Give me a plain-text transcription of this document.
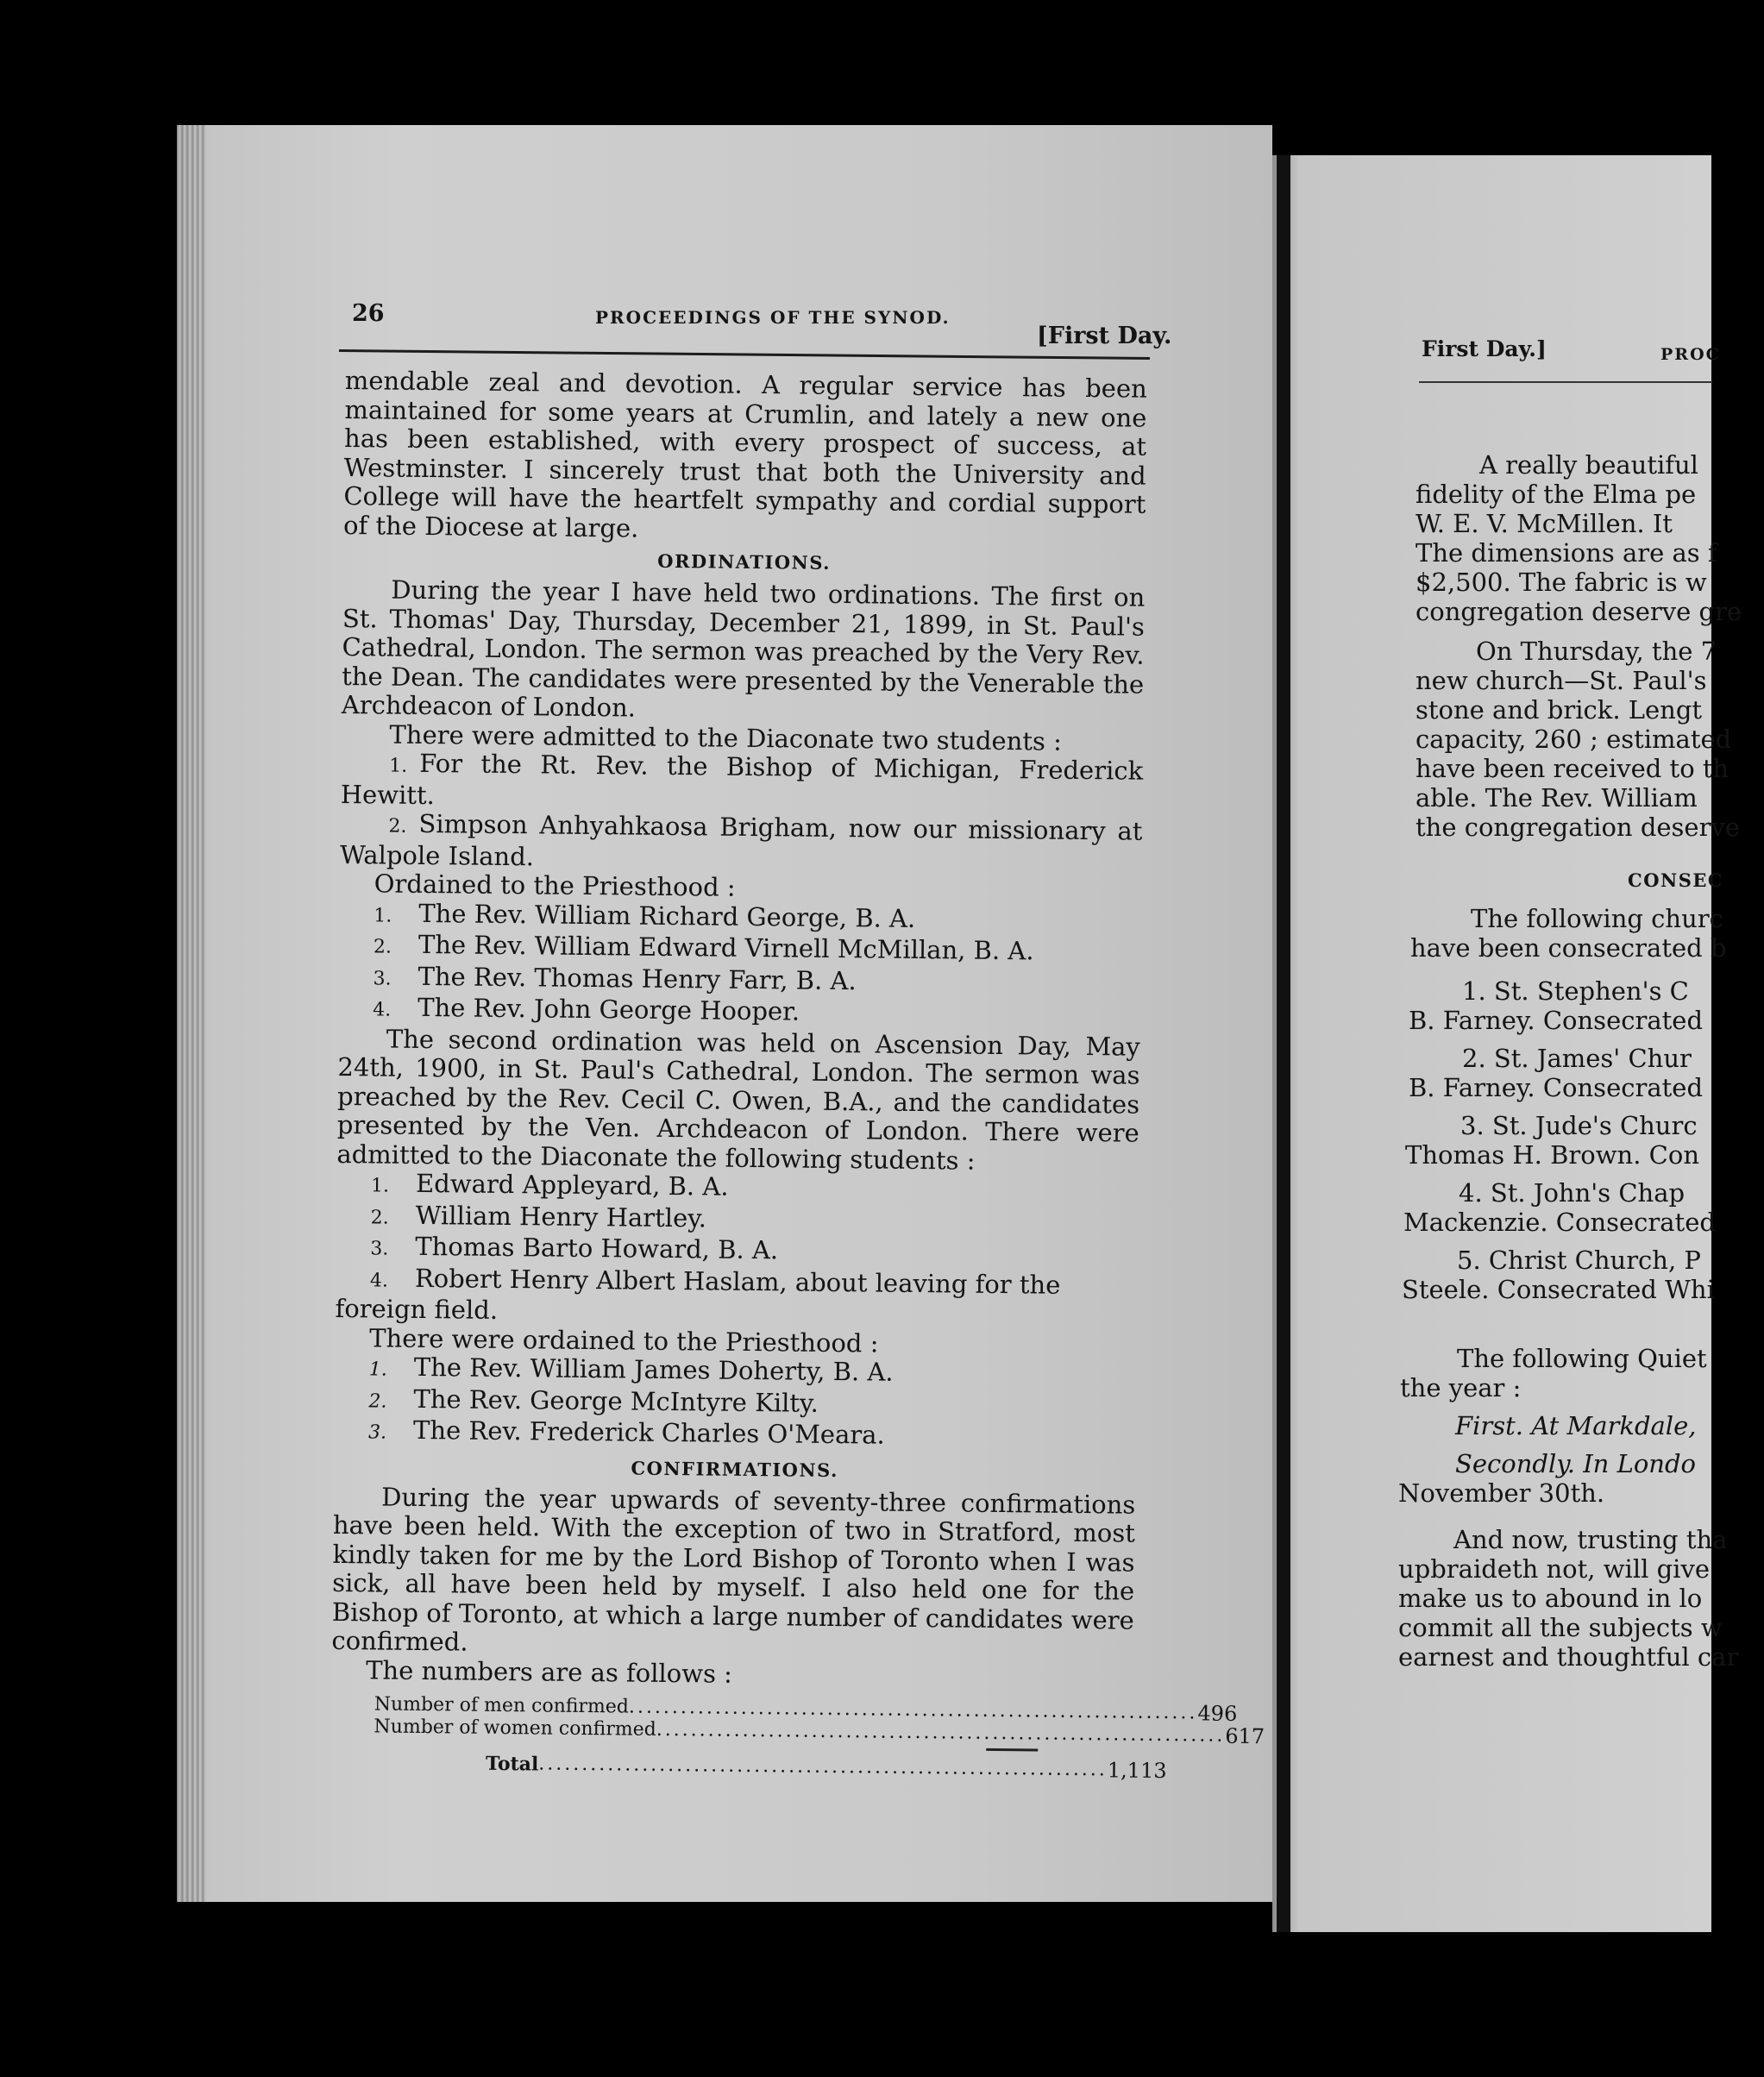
26	PROCEEDINGS OF THE SYNOD.
[First Day.

mendable zeal and devotion. A regular service has been maintained for some years at Crumlin, and lately a new one has been established, with every prospect of success, at Westminster. I sincerely trust that both the University and College will have the heartfelt sympathy and cordial support of the Diocese at large.

ORDINATIONS.

During the year I have held two ordinations. The first on St. Thomas' Day, Thursday, December 21, 1899, in St. Paul's Cathedral, London. The sermon was preached by the Very Rev. the Dean. The candidates were presented by the Venerable the Archdeacon of London.

There were admitted to the Diaconate two students :

1. For the Rt. Rev. the Bishop of Michigan, Frederick Hewitt.
2. Simpson Anhyahkaosa Brigham, now our missionary at Walpole Island.
Ordained to the Priesthood :
1. The Rev. William Richard George, B. A.
2. The Rev. William Edward Virnell McMillan, B. A.
3. The Rev. Thomas Henry Farr, B. A.
4. The Rev. John George Hooper.

The second ordination was held on Ascension Day, May 24th, 1900, in St. Paul's Cathedral, London. The sermon was preached by the Rev. Cecil C. Owen, B.A., and the candidates presented by the Ven. Archdeacon of London. There were admitted to the Diaconate the following students :

1. Edward Appleyard, B. A.
2. William Henry Hartley.
3. Thomas Barto Howard, B. A.
4. Robert Henry Albert Haslam, about leaving for the foreign field.
There were ordained to the Priesthood :
1. The Rev. William James Doherty, B. A.
2. The Rev. George McIntyre Kilty.
3. The Rev. Frederick Charles O'Meara.
CONFIRMATIONS.

During the year upwards of seventy-three confirmations have been held. With the exception of two in Stratford, most kindly taken for me by the Lord Bishop of Toronto when I was sick, all have been held by myself. I also held one for the Bishop of Toronto, at which a large number of candidates were confirmed.

The numbers are as follows :
Number of men confirmed .................................................................. 496
Number of women confirmed .................................................................. 617
Total .................................................................. 1,113
First Day.]	PROC
A really beautiful
fidelity of the Elma pe
W. E. V. McMillen. It
The dimensions are as f
$2,500. The fabric is w
congregation deserve gre
On Thursday, the 7
new church—St. Paul's
stone and brick. Lengt
capacity, 260 ; estimated
have been received to th
able. The Rev. William
the congregation deserve
CONSEC
The following churc
have been consecrated b
1. St. Stephen's C
B. Farney. Consecrated
2. St. James' Chur
B. Farney. Consecrated
3. St. Jude's Churc
Thomas H. Brown. Con
4. St. John's Chap
Mackenzie. Consecrated
5. Christ Church, P
Steele. Consecrated Whi
The following Quiet
the year :
First. At Markdale,
Secondly. In Londo
November 30th.
And now, trusting tha
upbraideth not, will give
make us to abound in lo
commit all the subjects w
earnest and thoughtful car
